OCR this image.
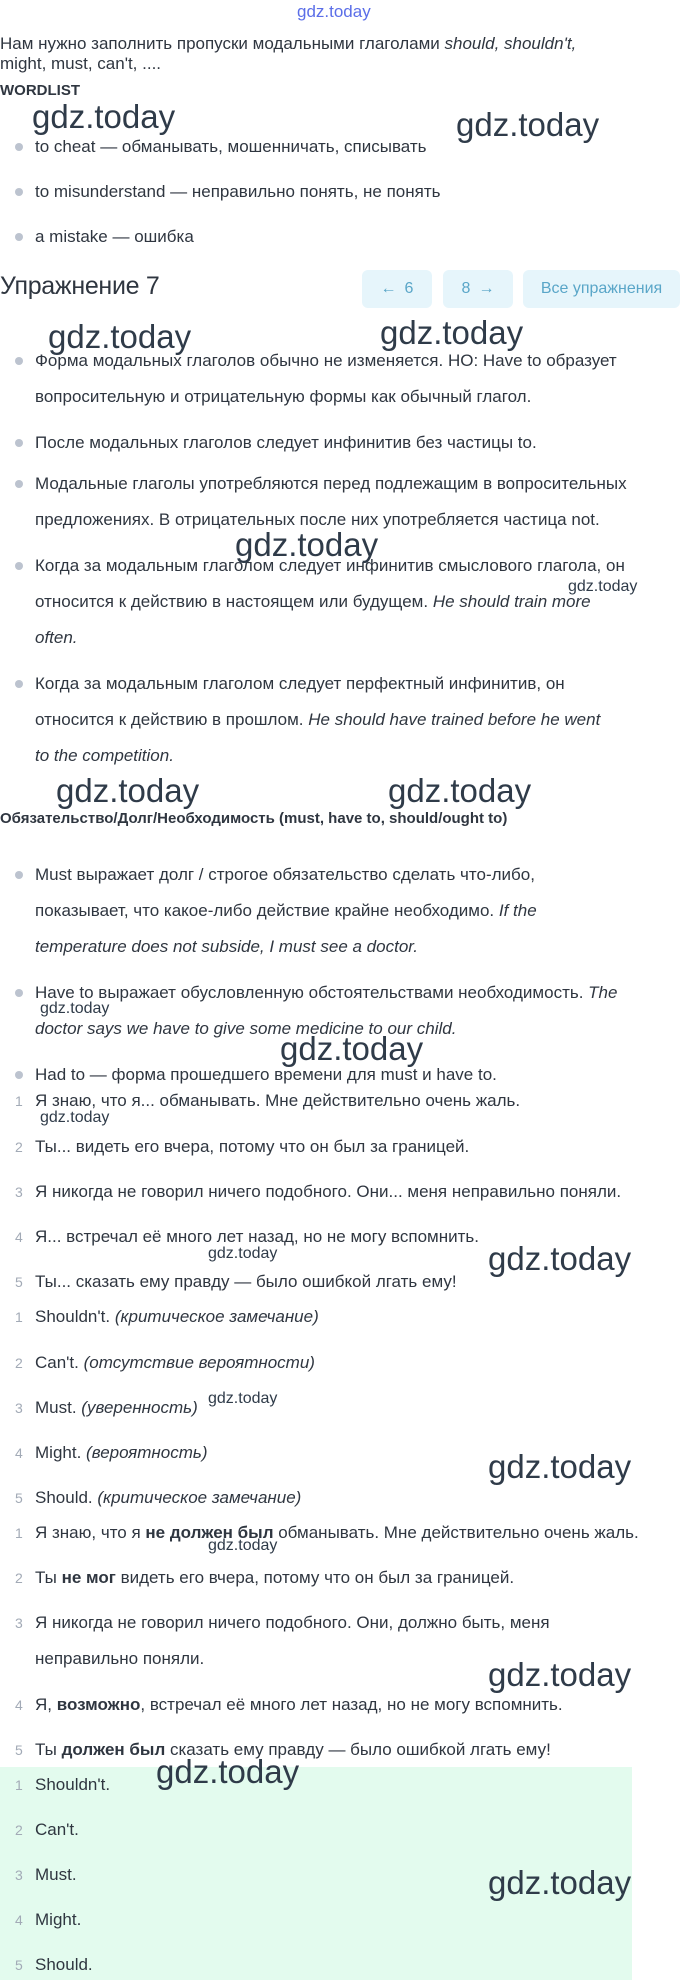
gdz.today
Нам нужно заполнить пропуски модальными глаголами should, shouldn't,
might, must, can't, ....
WORDLIST
to cheat — обманывать, мошенничать, списывать
to misunderstand — неправильно понять, не понять
a mistake — ошибка
Упражнение 7	← 6	8 →	Все упражнения
Форма модальных глаголов обычно не изменяется. НО: Have to образует
вопросительную и отрицательную формы как обычный глагол.
После модальных глаголов следует инфинитив без частицы to.
Модальные глаголы употребляются перед подлежащим в вопросительных
предложениях. В отрицательных после них употребляется частица not.
Когда за модальным глаголом следует инфинитив смыслового глагола, он
относится к действию в настоящем или будущем. He should train more
often.
Когда за модальным глаголом следует перфектный инфинитив, он
относится к действию в прошлом. He should have trained before he went
to the competition.
Обязательство/Долг/Необходимость (must, have to, should/ought to)
Must выражает долг / строгое обязательство сделать что-либо,
показывает, что какое-либо действие крайне необходимо. If the
temperature does not subside, I must see a doctor.
Have to выражает обусловленную обстоятельствами необходимость. The
doctor says we have to give some medicine to our child.
Had to — форма прошедшего времени для must и have to.
1 Я знаю, что я... обманывать. Мне действительно очень жаль.
2 Ты... видеть его вчера, потому что он был за границей.
3 Я никогда не говорил ничего подобного. Они... меня неправильно поняли.
4 Я... встречал её много лет назад, но не могу вспомнить.
5 Ты... сказать ему правду — было ошибкой лгать ему!
1 Shouldn't. (критическое замечание)
2 Can't. (отсутствие вероятности)
3 Must. (уверенность)
4 Might. (вероятность)
5 Should. (критическое замечание)
1 Я знаю, что я не должен был обманывать. Мне действительно очень жаль.
2 Ты не мог видеть его вчера, потому что он был за границей.
3 Я никогда не говорил ничего подобного. Они, должно быть, меня
неправильно поняли.
4 Я, возможно, встречал её много лет назад, но не могу вспомнить.
5 Ты должен был сказать ему правду — было ошибкой лгать ему!
1 Shouldn't.
2 Can't.
3 Must.
4 Might.
5 Should.
gdz.today	gdz.today
gdz.today	gdz.today
gdz.today
gdz.today
gdz.today	gdz.today
gdz.today
gdz.today
gdz.today
gdz.today	gdz.today
gdz.today
gdz.today
gdz.today
gdz.today
gdz.today
gdz.today
